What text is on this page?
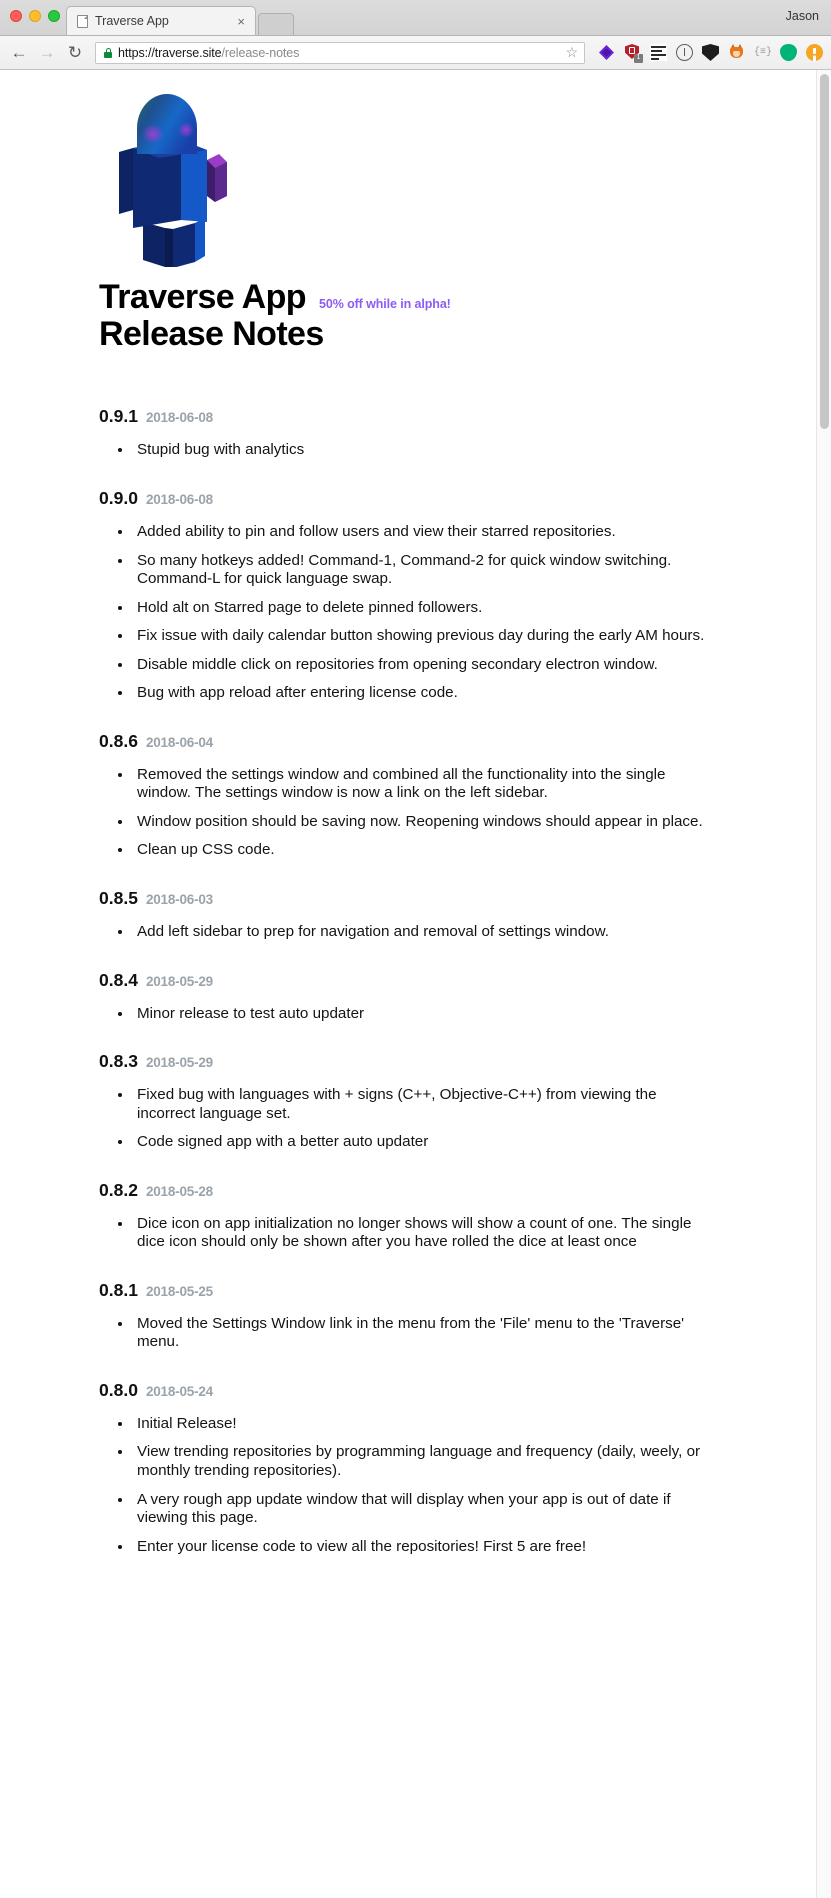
Traverse App	×	Jason
← → ↻	https://traverse.site/release-notes	☆	1	{≡}
Traverse App 50% off while in alpha!
Release Notes
0.9.1 2018-06-08
• Stupid bug with analytics
0.9.0 2018-06-08
• Added ability to pin and follow users and view their starred repositories.
• So many hotkeys added! Command-1, Command-2 for quick window switching. Command-L for quick language swap.
• Hold alt on Starred page to delete pinned followers.
• Fix issue with daily calendar button showing previous day during the early AM hours.
• Disable middle click on repositories from opening secondary electron window.
• Bug with app reload after entering license code.
0.8.6 2018-06-04
• Removed the settings window and combined all the functionality into the single window. The settings window is now a link on the left sidebar.
• Window position should be saving now. Reopening windows should appear in place.
• Clean up CSS code.
0.8.5 2018-06-03
• Add left sidebar to prep for navigation and removal of settings window.
0.8.4 2018-05-29
• Minor release to test auto updater
0.8.3 2018-05-29
• Fixed bug with languages with + signs (C++, Objective-C++) from viewing the incorrect language set.
• Code signed app with a better auto updater
0.8.2 2018-05-28
• Dice icon on app initialization no longer shows will show a count of one. The single dice icon should only be shown after you have rolled the dice at least once
0.8.1 2018-05-25
• Moved the Settings Window link in the menu from the 'File' menu to the 'Traverse' menu.
0.8.0 2018-05-24
• Initial Release!
• View trending repositories by programming language and frequency (daily, weely, or monthly trending repositories).
• A very rough app update window that will display when your app is out of date if viewing this page.
• Enter your license code to view all the repositories! First 5 are free!
